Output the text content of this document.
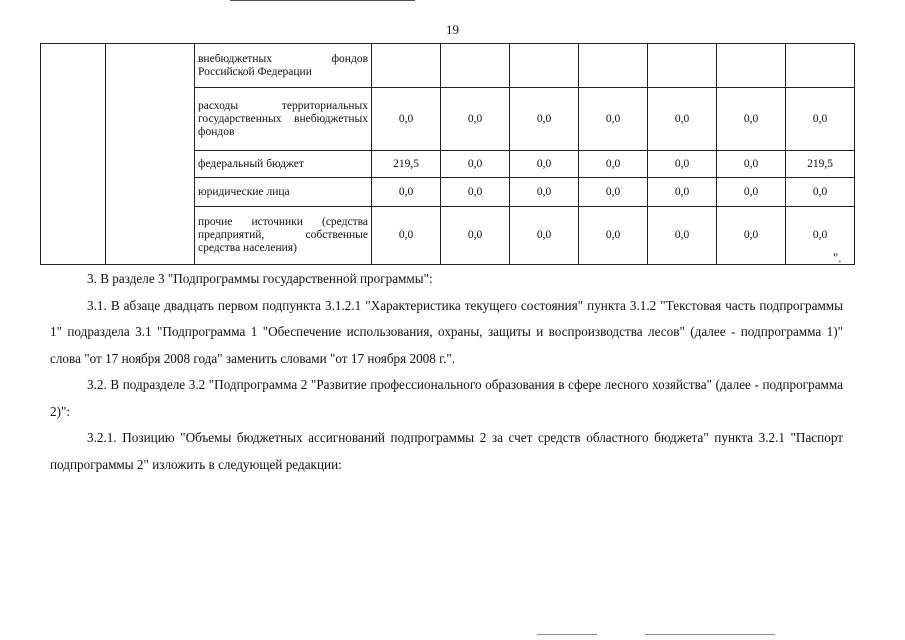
19
		внебюджетных фондов Российской Федерации							
		расходы территориальных государственных внебюджетных фондов	0,0	0,0	0,0	0,0	0,0	0,0	0,0
		федеральный бюджет	219,5	0,0	0,0	0,0	0,0	0,0	219,5
		юридические лица	0,0	0,0	0,0	0,0	0,0	0,0	0,0
		прочие источники (средства предприятий, собственные средства населения)	0,0	0,0	0,0	0,0	0,0	0,0	0,0
".

3. В разделе 3 "Подпрограммы государственной программы":

3.1. В абзаце двадцать первом подпункта 3.1.2.1 "Характеристика текущего состояния" пункта 3.1.2 "Текстовая часть подпрограммы 1" подраздела 3.1 "Подпрограмма 1 "Обеспечение использования, охраны, защиты и воспроизводства лесов" (далее - подпрограмма 1)" слова "от 17 ноября 2008 года" заменить словами "от 17 ноября 2008 г.".

3.2. В подразделе 3.2 "Подпрограмма 2 "Развитие профессионального образования в сфере лесного хозяйства" (далее - подпрограмма 2)":

3.2.1. Позицию "Объемы бюджетных ассигнований подпрограммы 2 за счет средств областного бюджета" пункта 3.2.1 "Паспорт подпрограммы 2" изложить в следующей редакции:
